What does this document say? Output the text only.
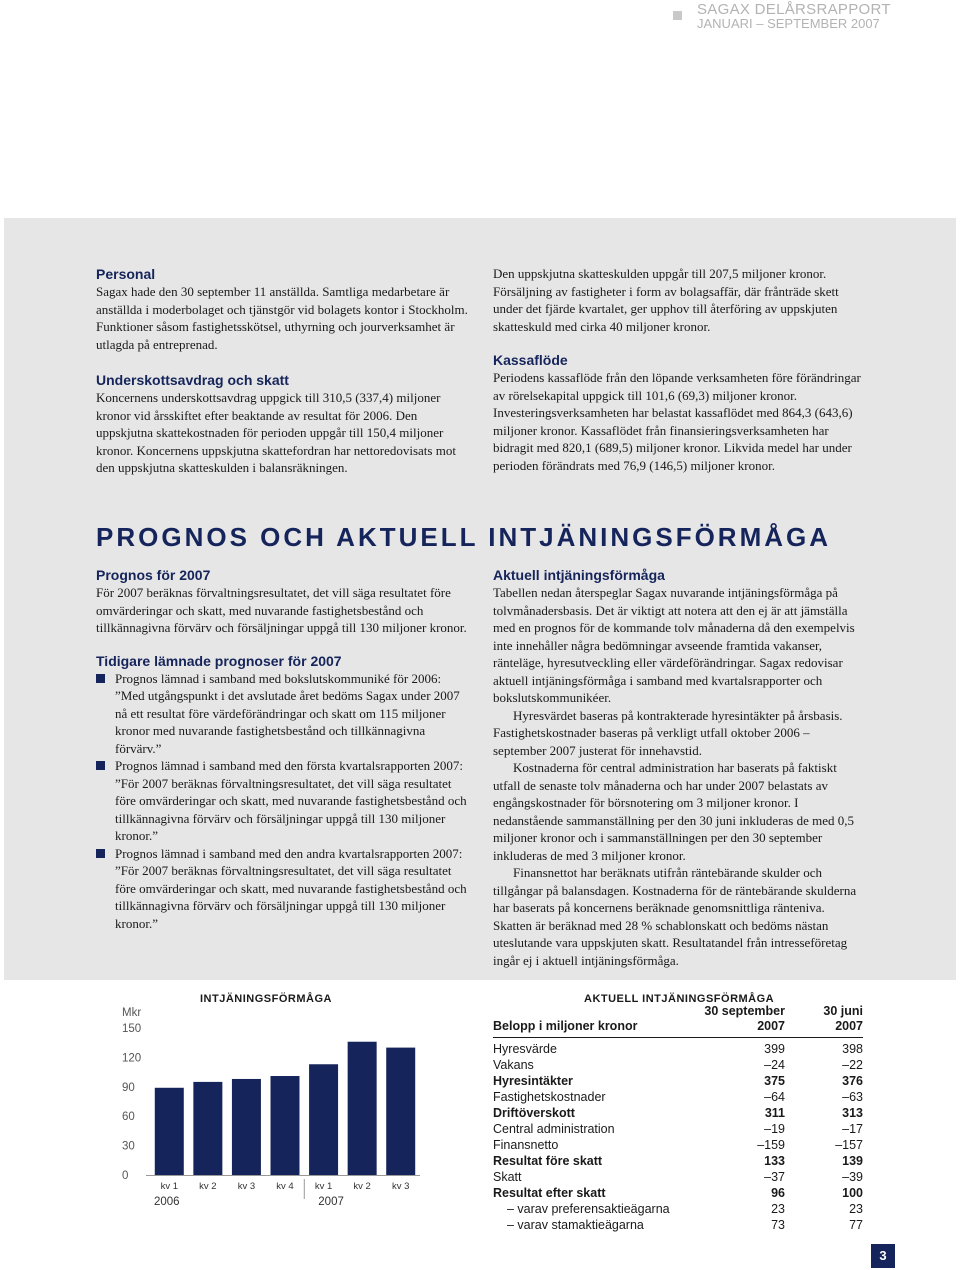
SAGAX DELÅRSRAPPORT
JANUARI – SEPTEMBER 2007
Personal

Sagax hade den 30 september 11 anställda. Samtliga medarbetare är anställda i moderbolaget och tjänstgör vid bolagets kontor i Stockholm. Funktioner såsom fastighetsskötsel, uthyrning och jourverksamhet är utlagda på entreprenad.

Underskottsavdrag och skatt

Koncernens underskottsavdrag uppgick till 310,5 (337,4) miljoner kronor vid årsskiftet efter beaktande av resultat för 2006. Den uppskjutna skattekostnaden för perioden uppgår till 150,4 miljoner kronor. Koncernens uppskjutna skattefordran har nettoredovisats mot den uppskjutna skatteskulden i balansräkningen.

Den uppskjutna skatteskulden uppgår till 207,5 miljoner kronor. Försäljning av fastigheter i form av bolagsaffär, där frånträde skett under det fjärde kvartalet, ger upphov till återföring av uppskjuten skatteskuld med cirka 40 miljoner kronor.

Kassaflöde

Periodens kassaflöde från den löpande verksamheten före förändringar av rörelsekapital uppgick till 101,6 (69,3) miljoner kronor. Investeringsverksamheten har belastat kassaflödet med 864,3 (643,6) miljoner kronor. Kassaflödet från finansieringsverksamheten har bidragit med 820,1 (689,5) miljoner kronor. Likvida medel har under perioden förändrats med 76,9 (146,5) miljoner kronor.

PROGNOS OCH AKTUELL INTJÄNINGSFÖRMÅGA
Prognos för 2007

För 2007 beräknas förvaltningsresultatet, det vill säga resultatet före omvärderingar och skatt, med nuvarande fastighetsbestånd och tillkännagivna förvärv och försäljningar uppgå till 130 miljoner kronor.

Tidigare lämnade prognoser för 2007
Prognos lämnad i samband med bokslutskommuniké för 2006: ”Med utgångspunkt i det avslutade året bedöms Sagax under 2007 nå ett resultat före värdeförändringar och skatt om 115 miljoner kronor med nuvarande fastighetsbestånd och tillkännagivna förvärv.”
Prognos lämnad i samband med den första kvartalsrapporten 2007: ”För 2007 beräknas förvaltningsresultatet, det vill säga resultatet före omvärderingar och skatt, med nuvarande fastighetsbestånd och tillkännagivna förvärv och försäljningar uppgå till 130 miljoner kronor.”
Prognos lämnad i samband med den andra kvartalsrapporten 2007: ”För 2007 beräknas förvaltningsresultatet, det vill säga resultatet före omvärderingar och skatt, med nuvarande fastighetsbestånd och tillkännagivna förvärv och försäljningar uppgå till 130 miljoner kronor.”
Aktuell intjäningsförmåga

Tabellen nedan återspeglar Sagax nuvarande intjäningsförmåga på tolvmånadersbasis. Det är viktigt att notera att den ej är att jämställa med en prognos för de kommande tolv månaderna då den exempelvis inte innehåller några bedömningar avseende framtida vakanser, ränteläge, hyresutveckling eller värdeförändringar. Sagax redovisar aktuell intjäningsförmåga i samband med kvartalsrapporter och bokslutskommunikéer.

Hyresvärdet baseras på kontrakterade hyresintäkter på årsbasis. Fastighetskostnader baseras på verkligt utfall oktober 2006 – september 2007 justerat för innehavstid.

Kostnaderna för central administration har baserats på faktiskt utfall de senaste tolv månaderna och har under 2007 belastats av engångskostnader för börsnotering om 3 miljoner kronor. I nedanstående sammanställning per den 30 juni inkluderas de med 0,5 miljoner kronor och i sammanställningen per den 30 september inkluderas de med 3 miljoner kronor.

Finansnettot har beräknats utifrån räntebärande skulder och tillgångar på balansdagen. Kostnaderna för de räntebärande skulderna har baserats på koncernens beräknade genomsnittliga ränteniva. Skatten är beräknad med 28 % schablonskatt och bedöms nästan uteslutande vara uppskjuten skatt. Resultatandel från intresseföretag ingår ej i aktuell intjäningsförmåga.

INTJÄNINGSFÖRMÅGA
Mkr
150
120
90
60
30
0
kv 1 kv 2 kv 3 kv 4 kv 1 kv 2 kv 3
2006	2007
AKTUELL INTJÄNINGSFÖRMÅGA
	30 september	30 juni
Belopp i miljoner kronor	2007	2007
Hyresvärde	399	398
Vakans	–24	–22
Hyresintäkter	375	376
Fastighetskostnader	–64	–63
Driftöverskott	311	313
Central administration	–19	–17
Finansnetto	–159	–157
Resultat före skatt	133	139
Skatt	–37	–39
Resultat efter skatt	96	100
– varav preferensaktieägarna	23	23
– varav stamaktieägarna	73	77
3
